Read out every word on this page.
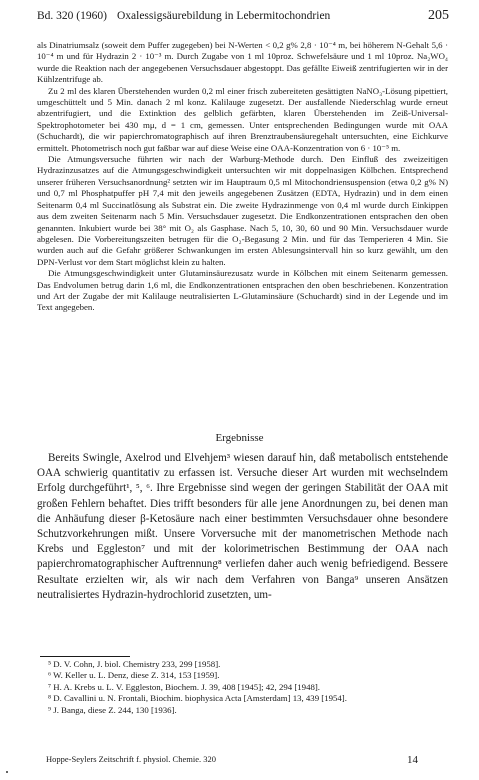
Bd. 320 (1960) Oxalessigsäurebildung in Lebermitochondrien	205

als Dinatriumsalz (soweit dem Puffer zugegeben) bei N-Werten < 0,2 g% 2,8 · 10⁻⁴ m, bei höherem N-Gehalt 5,6 · 10⁻⁴ m und für Hydrazin 2 · 10⁻³ m. Durch Zugabe von 1 ml 10proz. Schwefelsäure und 1 ml 10proz. Na₂WO₄ wurde die Reaktion nach der angegebenen Versuchsdauer abgestoppt. Das gefällte Eiweiß zentrifugierten wir in der Kühlzentrifuge ab.

Zu 2 ml des klaren Überstehenden wurden 0,2 ml einer frisch zubereiteten gesättigten NaNO₃-Lösung pipettiert, umgeschüttelt und 5 Min. danach 2 ml konz. Kalilauge zugesetzt. Der ausfallende Niederschlag wurde erneut abzentrifugiert, und die Extinktion des gelblich gefärbten, klaren Überstehenden im Zeiß-Universal-Spektrophotometer bei 430 mμ, d = 1 cm, gemessen. Unter entsprechenden Bedingungen wurde mit OAA (Schuchardt), die wir papierchromatographisch auf ihren Brenztraubensäuregehalt untersuchten, eine Eichkurve ermittelt. Photometrisch noch gut faßbar war auf diese Weise eine OAA-Konzentration von 6 · 10⁻⁵ m.

Die Atmungsversuche führten wir nach der Warburg-Methode durch. Den Einfluß des zweizeitigen Hydrazinzusatzes auf die Atmungsgeschwindigkeit untersuchten wir mit doppelnasigen Kölbchen. Entsprechend unserer früheren Versuchsanordnung² setzten wir im Hauptraum 0,5 ml Mitochondriensuspension (etwa 0,2 g% N) und 0,7 ml Phosphatpuffer pH 7,4 mit den jeweils angegebenen Zusätzen (EDTA, Hydrazin) und in dem einen Seitenarm 0,4 ml Succinatlösung als Substrat ein. Die zweite Hydrazinmenge von 0,4 ml wurde durch Einkippen aus dem zweiten Seitenarm nach 5 Min. Versuchsdauer zugesetzt. Die Endkonzentrationen entsprachen den oben genannten. Inkubiert wurde bei 38° mit O₂ als Gasphase. Nach 5, 10, 30, 60 und 90 Min. Versuchsdauer wurde abgelesen. Die Vorbereitungszeiten betrugen für die O₂-Begasung 2 Min. und für das Temperieren 4 Min. Sie wurden auch auf die Gefahr größerer Schwankungen im ersten Ablesungsintervall hin so kurz gewählt, um den DPN-Verlust vor dem Start möglichst klein zu halten.

Die Atmungsgeschwindigkeit unter Glutaminsäurezusatz wurde in Kölbchen mit einem Seitenarm gemessen. Das Endvolumen betrug darin 1,6 ml, die Endkonzentrationen entsprachen den oben beschriebenen. Konzentration und Art der Zugabe der mit Kalilauge neutralisierten L-Glutaminsäure (Schuchardt) sind in der Legende und im Text angegeben.

Ergebnisse

Bereits Swingle, Axelrod und Elvehjem³ wiesen darauf hin, daß metabolisch entstehende OAA schwierig quantitativ zu erfassen ist. Versuche dieser Art wurden mit wechselndem Erfolg durchgeführt¹, ⁵, ⁶. Ihre Ergebnisse sind wegen der geringen Stabilität der OAA mit großen Fehlern behaftet. Dies trifft besonders für alle jene Anordnungen zu, bei denen man die Anhäufung dieser β-Ketosäure nach einer bestimmten Versuchsdauer ohne besondere Schutzvorkehrungen mißt. Unsere Vorversuche mit der manometrischen Methode nach Krebs und Eggleston⁷ und mit der kolorimetrischen Bestimmung der OAA nach papierchromatographischer Auftrennung⁸ verliefen daher auch wenig befriedigend. Bessere Resultate erzielten wir, als wir nach dem Verfahren von Banga⁹ unseren Ansätzen neutralisiertes Hydrazin-hydrochlorid zusetzten, um-

⁵ D. V. Cohn, J. biol. Chemistry 233, 299 [1958].
⁶ W. Keller u. L. Denz, diese Z. 314, 153 [1959].
⁷ H. A. Krebs u. L. V. Eggleston, Biochem. J. 39, 408 [1945]; 42, 294 [1948].
⁸ D. Cavallini u. N. Frontali, Biochim. biophysica Acta [Amsterdam] 13, 439 [1954].
⁹ J. Banga, diese Z. 244, 130 [1936].
Hoppe-Seylers Zeitschrift f. physiol. Chemie. 320	14
